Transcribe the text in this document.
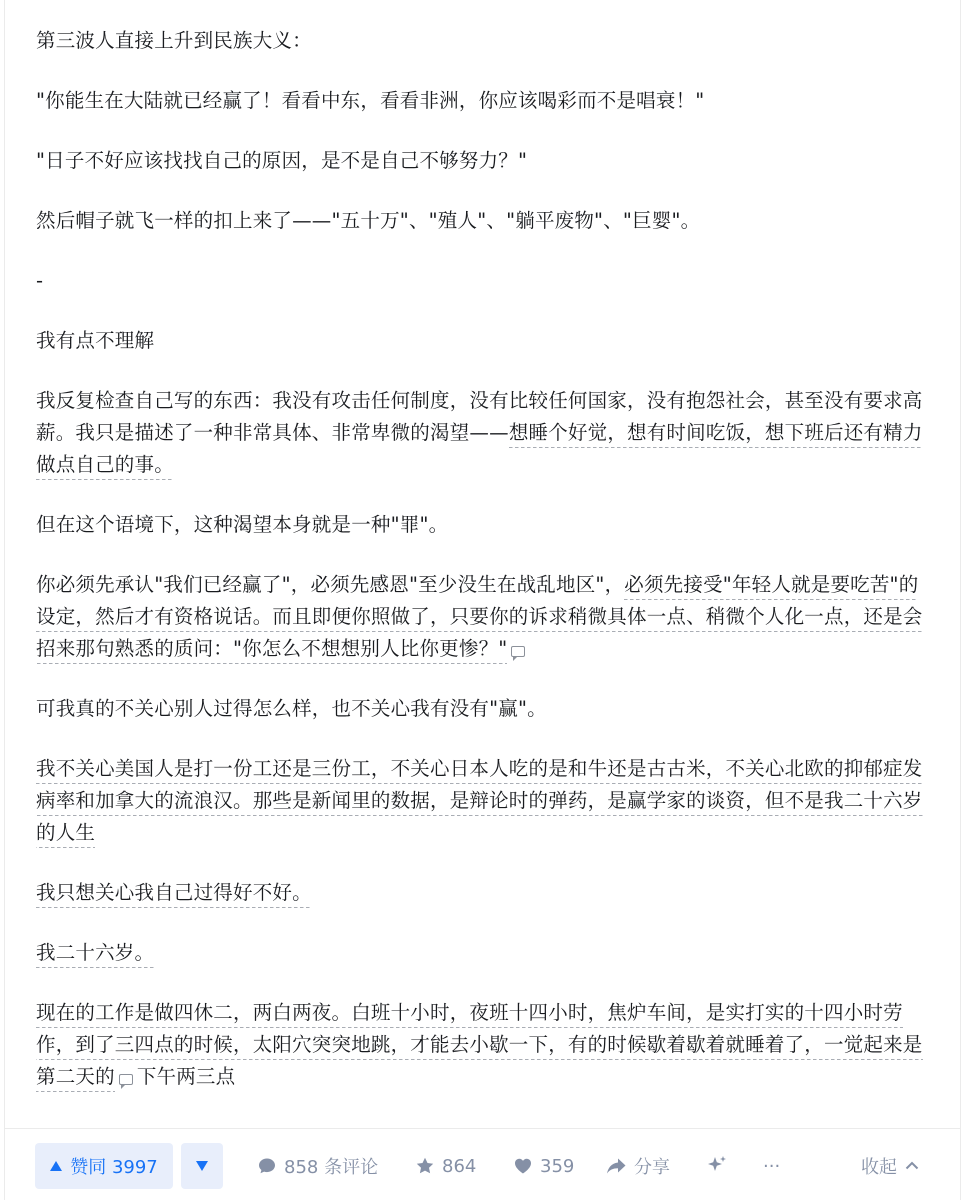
第三波人直接上升到民族大义：

"你能生在大陆就已经赢了！看看中东，看看非洲，你应该喝彩而不是唱衰！"

"日子不好应该找找自己的原因，是不是自己不够努力？"

然后帽子就飞一样的扣上来了——"五十万"、"殖人"、"躺平废物"、"巨婴"。

-

我有点不理解

我反复检查自己写的东西：我没有攻击任何制度，没有比较任何国家，没有抱怨社会，甚至没有要求高薪。我只是描述了一种非常具体、非常卑微的渴望——想睡个好觉，想有时间吃饭，想下班后还有精力做点自己的事。

但在这个语境下，这种渴望本身就是一种"罪"。

你必须先承认"我们已经赢了"，必须先感恩"至少没生在战乱地区"，必须先接受"年轻人就是要吃苦"的设定，然后才有资格说话。而且即便你照做了，只要你的诉求稍微具体一点、稍微个人化一点，还是会招来那句熟悉的质问："你怎么不想想别人比你更惨？"

可我真的不关心别人过得怎么样，也不关心我有没有"赢"。

我不关心美国人是打一份工还是三份工，不关心日本人吃的是和牛还是古古米，不关心北欧的抑郁症发病率和加拿大的流浪汉。那些是新闻里的数据，是辩论时的弹药，是赢学家的谈资，但不是我二十六岁的人生

我只想关心我自己过得好不好。

我二十六岁。

现在的工作是做四休二，两白两夜。白班十小时，夜班十四小时，焦炉车间，是实打实的十四小时劳作，到了三四点的时候，太阳穴突突地跳，才能去小歇一下，有的时候歇着歇着就睡着了，一觉起来是第二天的 下午两三点

赞同 3997	858 条评论	864	359	分享	···	收起
